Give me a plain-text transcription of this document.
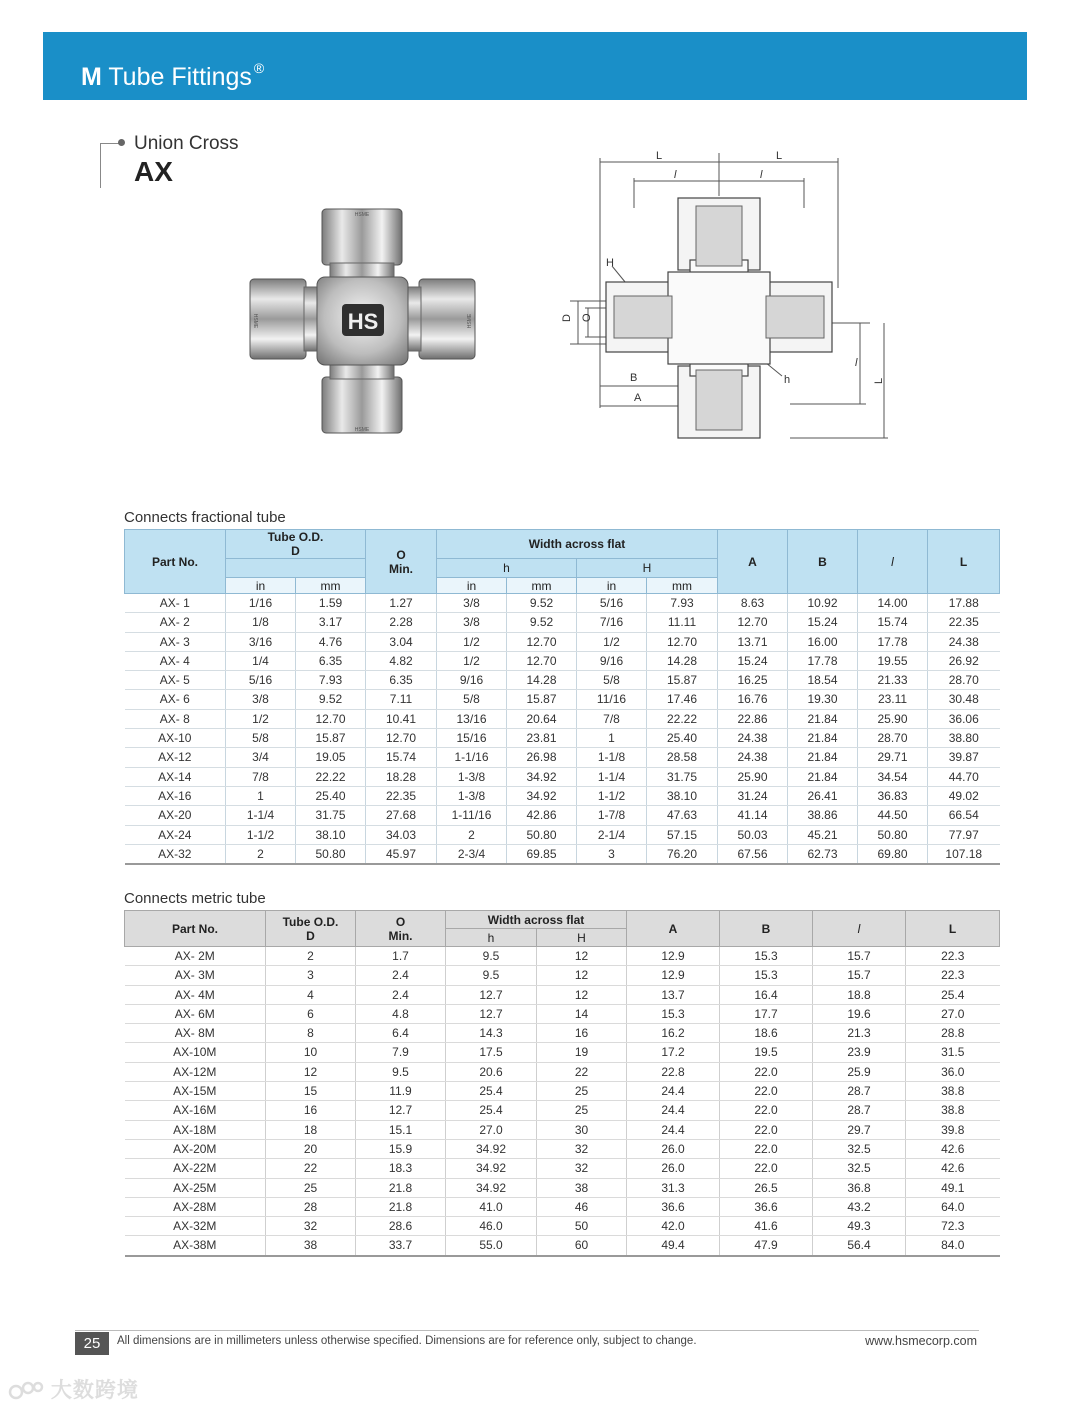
M Tube Fittings ®
Union Cross
AX
HS
HSME
HSME
HSME	HSME
L	L
l	l
H
D O
B
A
h
l
L
Connects fractional tube
Part No.	Tube O.D.
D		O
Min.	Width across flat				A	B	l	L
				h		H					
	in	mm		in	mm	in	mm				
AX- 1	1/16	1.59	1.27	3/8	9.52	5/16	7.93	8.63	10.92	14.00	17.88
AX- 2	1/8	3.17	2.28	3/8	9.52	7/16	11.11	12.70	15.24	15.74	22.35
AX- 3	3/16	4.76	3.04	1/2	12.70	1/2	12.70	13.71	16.00	17.78	24.38
AX- 4	1/4	6.35	4.82	1/2	12.70	9/16	14.28	15.24	17.78	19.55	26.92
AX- 5	5/16	7.93	6.35	9/16	14.28	5/8	15.87	16.25	18.54	21.33	28.70
AX- 6	3/8	9.52	7.11	5/8	15.87	11/16	17.46	16.76	19.30	23.11	30.48
AX- 8	1/2	12.70	10.41	13/16	20.64	7/8	22.22	22.86	21.84	25.90	36.06
AX-10	5/8	15.87	12.70	15/16	23.81	1	25.40	24.38	21.84	28.70	38.80
AX-12	3/4	19.05	15.74	1-1/16	26.98	1-1/8	28.58	24.38	21.84	29.71	39.87
AX-14	7/8	22.22	18.28	1-3/8	34.92	1-1/4	31.75	25.90	21.84	34.54	44.70
AX-16	1	25.40	22.35	1-3/8	34.92	1-1/2	38.10	31.24	26.41	36.83	49.02
AX-20	1-1/4	31.75	27.68	1-11/16	42.86	1-7/8	47.63	41.14	38.86	44.50	66.54
AX-24	1-1/2	38.10	34.03	2	50.80	2-1/4	57.15	50.03	45.21	50.80	77.97
AX-32	2	50.80	45.97	2-3/4	69.85	3	76.20	67.56	62.73	69.80	107.18
Connects metric tube
Part No.	Tube O.D.
D	O
Min.	Width across flat		A	B	l	L
			h	H				
AX- 2M	2	1.7	9.5	12	12.9	15.3	15.7	22.3
AX- 3M	3	2.4	9.5	12	12.9	15.3	15.7	22.3
AX- 4M	4	2.4	12.7	12	13.7	16.4	18.8	25.4
AX- 6M	6	4.8	12.7	14	15.3	17.7	19.6	27.0
AX- 8M	8	6.4	14.3	16	16.2	18.6	21.3	28.8
AX-10M	10	7.9	17.5	19	17.2	19.5	23.9	31.5
AX-12M	12	9.5	20.6	22	22.8	22.0	25.9	36.0
AX-15M	15	11.9	25.4	25	24.4	22.0	28.7	38.8
AX-16M	16	12.7	25.4	25	24.4	22.0	28.7	38.8
AX-18M	18	15.1	27.0	30	24.4	22.0	29.7	39.8
AX-20M	20	15.9	34.92	32	26.0	22.0	32.5	42.6
AX-22M	22	18.3	34.92	32	26.0	22.0	32.5	42.6
AX-25M	25	21.8	34.92	38	31.3	26.5	36.8	49.1
AX-28M	28	21.8	41.0	46	36.6	36.6	43.2	64.0
AX-32M	32	28.6	46.0	50	42.0	41.6	49.3	72.3
AX-38M	38	33.7	55.0	60	49.4	47.9	56.4	84.0
25	All dimensions are in millimeters unless otherwise specified. Dimensions are for reference only, subject to change.	www.hsmecorp.com
大数跨境
